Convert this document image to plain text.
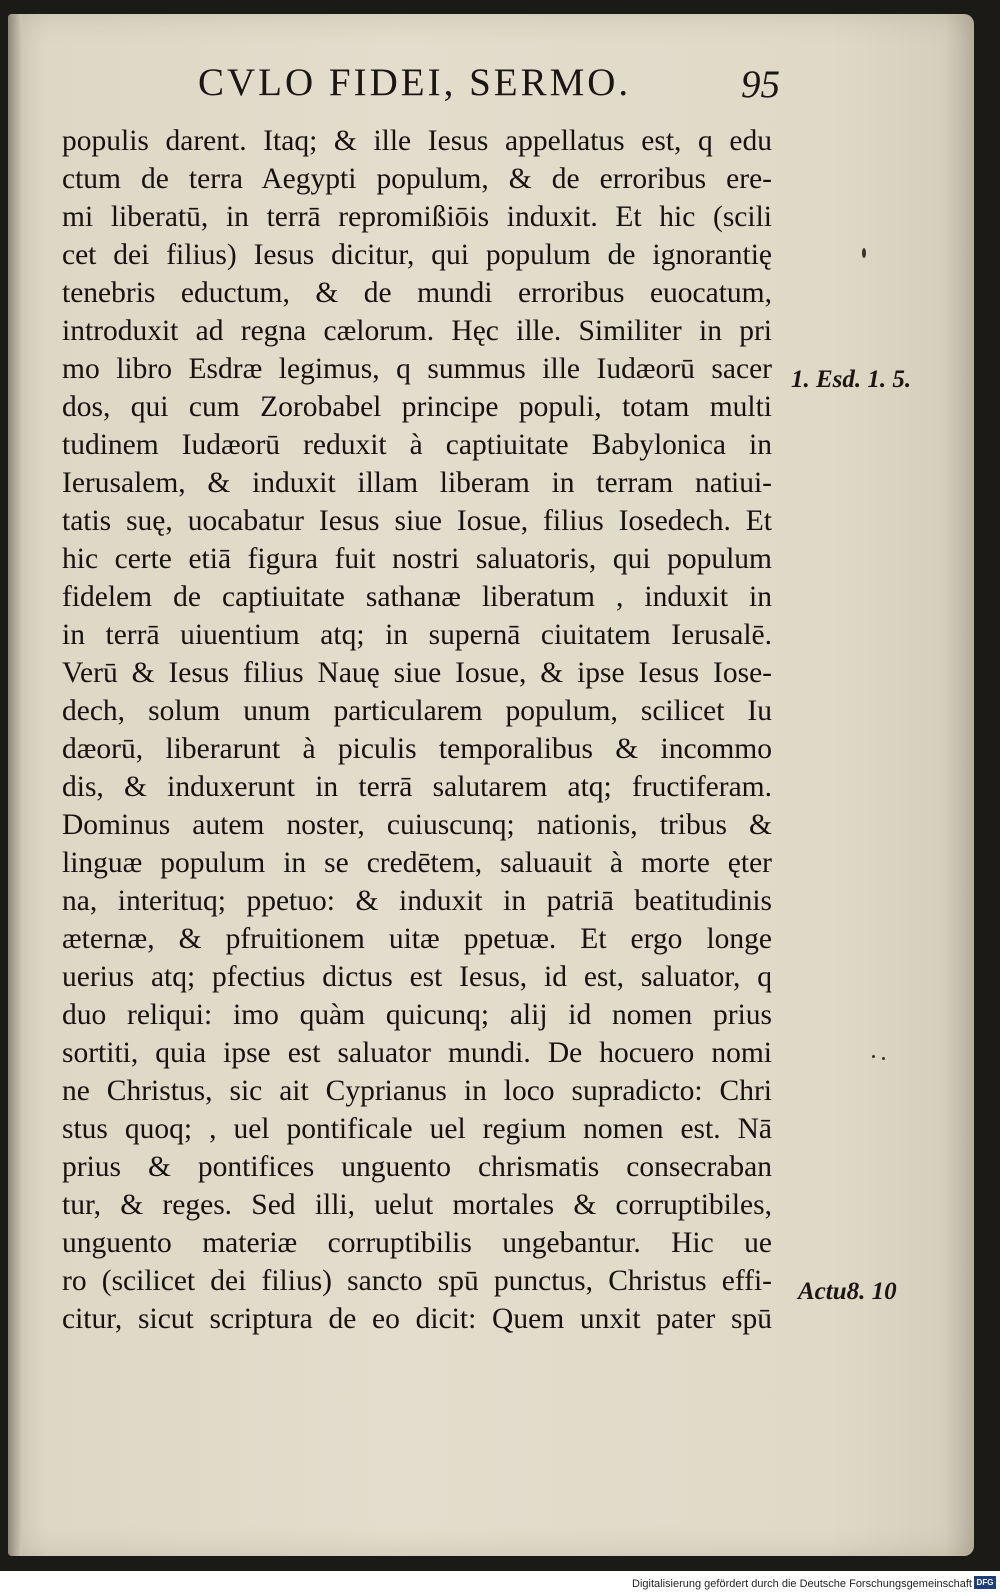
CVLO FIDEI, SERMO.	95
populis darent. Itaq; & ille Iesus appellatus est, q edu
ctum de terra Aegypti populum, & de erroribus ere-
mi liberatū, in terrā repromißiōis induxit. Et hic (scili
cet dei filius) Iesus dicitur, qui populum de ignorantię
tenebris eductum, & de mundi erroribus euocatum,
introduxit ad regna cælorum. Hęc ille. Similiter in pri
mo libro Esdræ legimus, q summus ille Iudæorū sacer
dos, qui cum Zorobabel principe populi, totam multi
tudinem Iudæorū reduxit à captiuitate Babylonica in
Ierusalem, & induxit illam liberam in terram natiui-
tatis suę, uocabatur Iesus siue Iosue, filius Iosedech. Et
hic certe etiā figura fuit nostri saluatoris, qui populum
fidelem de captiuitate sathanæ liberatum , induxit in
in terrā uiuentium atq; in supernā ciuitatem Ierusalē.
Verū & Iesus filius Nauę siue Iosue, & ipse Iesus Iose-
dech, solum unum particularem populum, scilicet Iu
dæorū, liberarunt à piculis temporalibus & incommo
dis, & induxerunt in terrā salutarem atq; fructiferam.
Dominus autem noster, cuiuscunq; nationis, tribus &
linguæ populum in se credētem, saluauit à morte ęter
na, interituq; ppetuo: & induxit in patriā beatitudinis
æternæ, & pfruitionem uitæ ppetuæ. Et ergo longe
uerius atq; pfectius dictus est Iesus, id est, saluator, q
duo reliqui: imo quàm quicunq; alij id nomen prius
sortiti, quia ipse est saluator mundi. De hocuero nomi
ne Christus, sic ait Cyprianus in loco supradicto: Chri
stus quoq; , uel pontificale uel regium nomen est. Nā
prius & pontifices unguento chrismatis consecraban
tur, & reges. Sed illi, uelut mortales & corruptibiles,
unguento materiæ corruptibilis ungebantur. Hic ue
ro (scilicet dei filius) sancto spū punctus, Christus effi-
citur, sicut scriptura de eo dicit: Quem unxit pater spū
1. Esd. 1. 5.
Actu8. 10
Digitalisierung gefördert durch die Deutsche Forschungsgemeinschaft DFG
